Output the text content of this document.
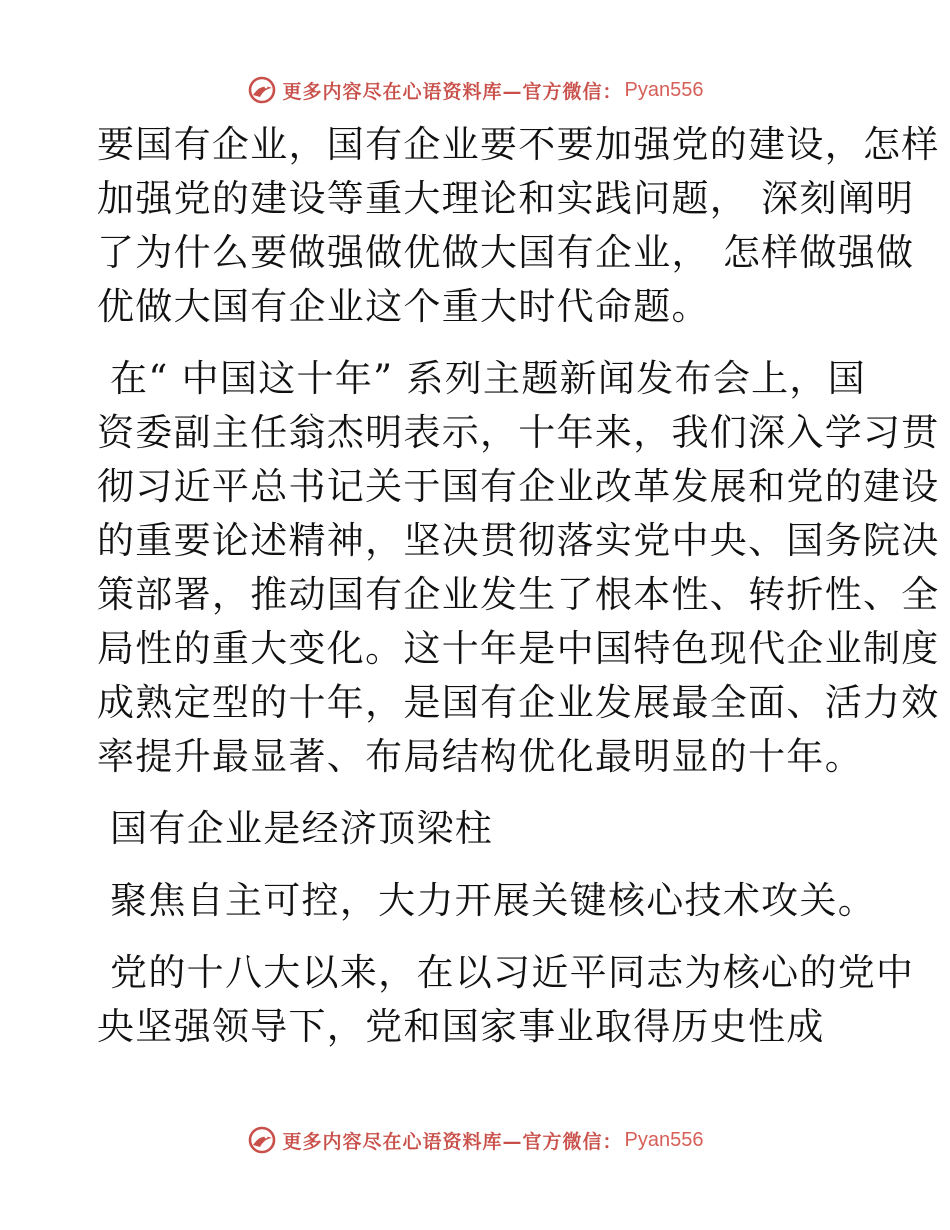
更多内容尽在心语资料库—官方微信： Pyan556

要国有企业，国有企业要不要加强党的建设，怎样
加强党的建设等重大理论和实践问题， 深刻阐明
了为什么要做强做优做大国有企业， 怎样做强做
优做大国有企业这个重大时代命题。

在“ 中国这十年” 系列主题新闻发布会上，国
资委副主任翁杰明表示，十年来，我们深入学习贯
彻习近平总书记关于国有企业改革发展和党的建设
的重要论述精神，坚决贯彻落实党中央、国务院决
策部署，推动国有企业发生了根本性、转折性、全
局性的重大变化。这十年是中国特色现代企业制度
成熟定型的十年，是国有企业发展最全面、活力效
率提升最显著、布局结构优化最明显的十年。

国有企业是经济顶梁柱

聚焦自主可控，大力开展关键核心技术攻关。

党的十八大以来，在以习近平同志为核心的党中
央坚强领导下，党和国家事业取得历史性成

更多内容尽在心语资料库—官方微信： Pyan556
